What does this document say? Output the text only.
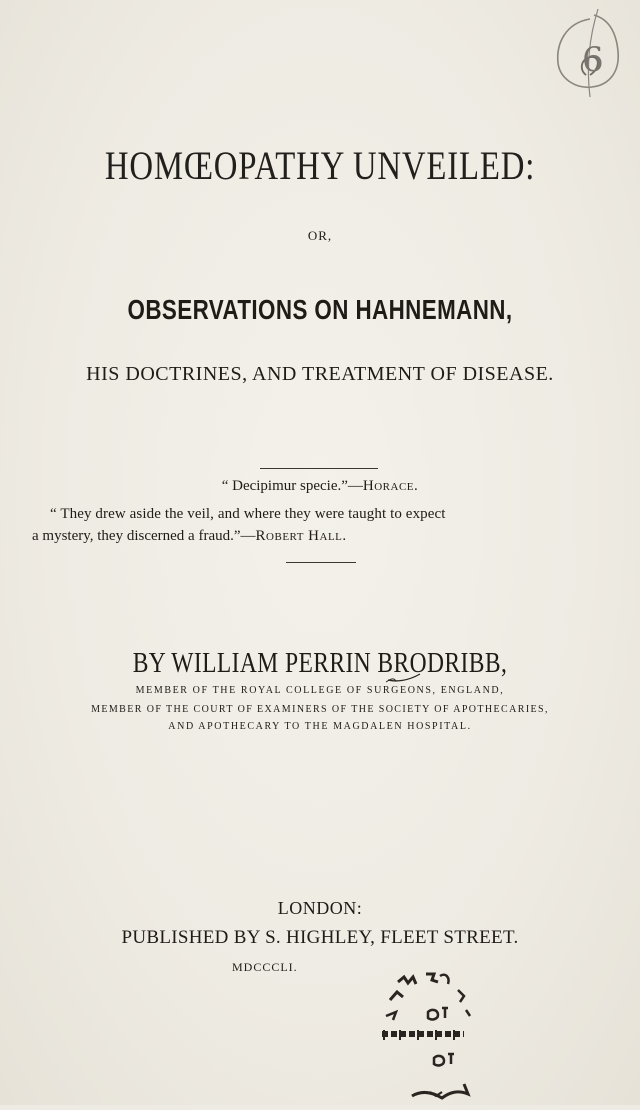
6
HOMŒOPATHY UNVEILED:
OR,
OBSERVATIONS ON HAHNEMANN,
HIS DOCTRINES, AND TREATMENT OF DISEASE.
“ Decipimur specie.”—Horace.
“ They drew aside the veil, and where they were taught to expect
a mystery, they discerned a fraud.”—Robert Hall.
BY WILLIAM PERRIN BRODRIBB,
MEMBER OF THE ROYAL COLLEGE OF SURGEONS, ENGLAND,
MEMBER OF THE COURT OF EXAMINERS OF THE SOCIETY OF APOTHECARIES,
AND APOTHECARY TO THE MAGDALEN HOSPITAL.
LONDON:
PUBLISHED BY S. HIGHLEY, FLEET STREET.
MDCCCLI.
